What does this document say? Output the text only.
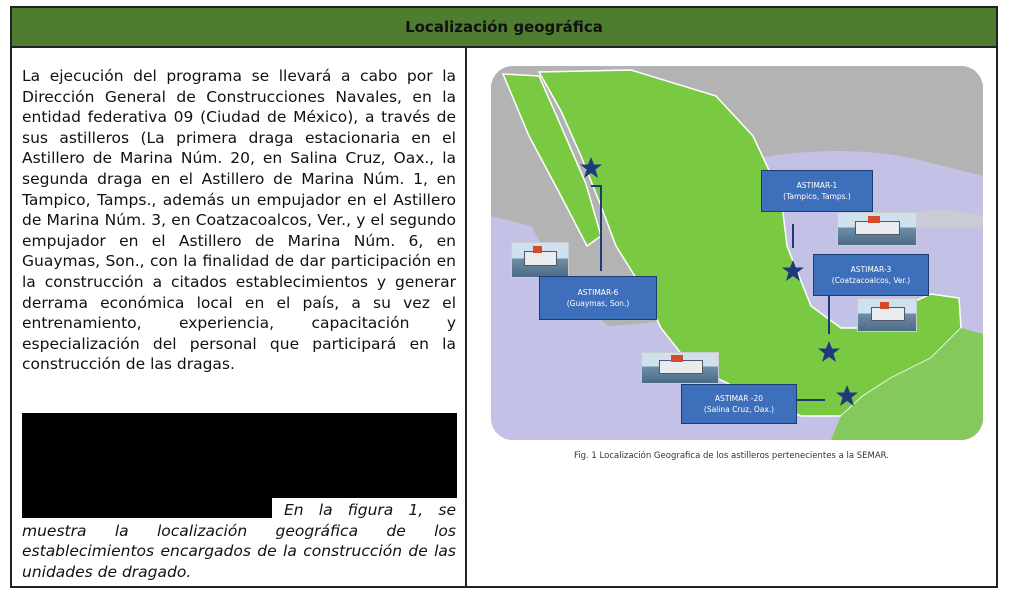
Localización geográfica
La ejecución del programa se llevará a cabo por la Dirección General de Construcciones Navales, en la entidad federativa 09 (Ciudad de México), a través de sus astilleros (La primera draga estacionaria en el Astillero de Marina Núm. 20, en Salina Cruz, Oax., la segunda draga en el Astillero de Marina Núm. 1, en Tampico, Tamps., además un empujador en el Astillero de Marina Núm. 3, en Coatzacoalcos, Ver., y el segundo empujador en el Astillero de Marina Núm. 6, en Guaymas, Son., con la finalidad de dar participación en la construcción a citados establecimientos y generar derrama económica local en el país, a su vez el entrenamiento, experiencia, capacitación y especialización del personal que participará en la construcción de las dragas.
En la figura 1, se muestra la localización geográfica de los establecimientos encargados de la construcción de las unidades de dragado.
ASTIMAR-1
(Tampico, Tamps.)
ASTIMAR-3
(Coatzacoalcos, Ver.)
ASTIMAR-6
(Guaymas, Son.)
ASTIMAR -20
(Salina Cruz, Oax.)
Fig. 1 Localización Geografica de los astilleros pertenecientes a la SEMAR.
